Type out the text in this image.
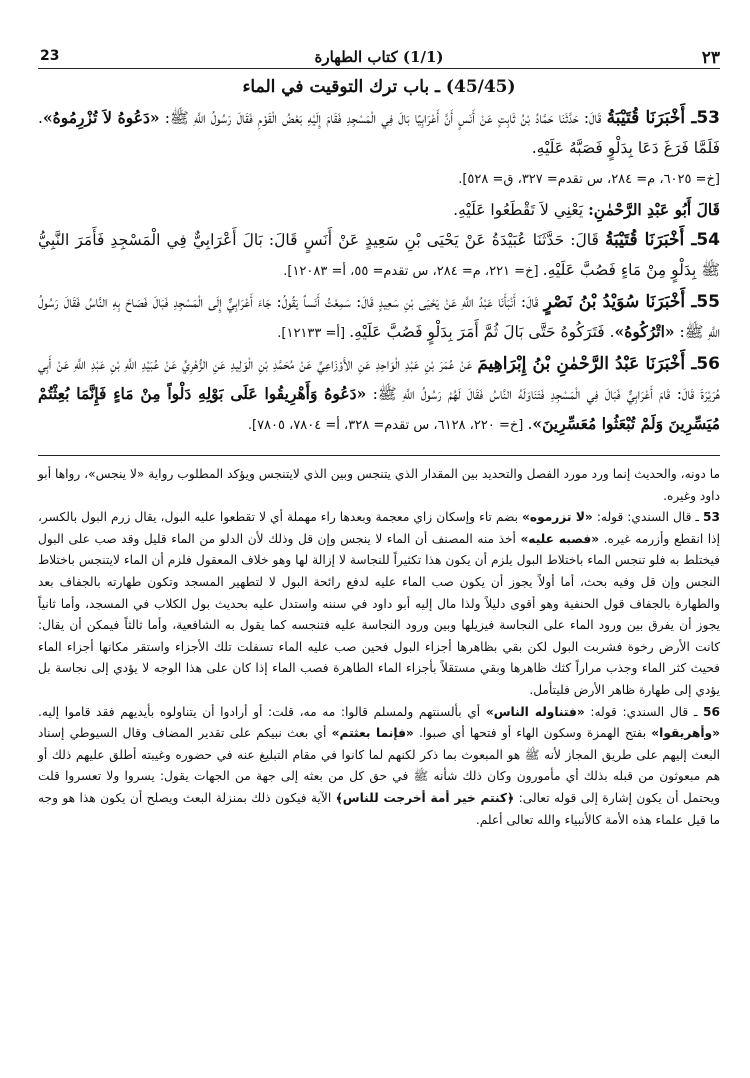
23	(1/1) كتاب الطهارة	٢٣
(45/45) ـ باب ترك التوقيت في الماء

53ـ أَخْبَرَنَا قُتَيْبَةُ قَالَ: حَدَّثَنَا حَمَّادُ بْنُ ثَابِتٍ عَنْ أَنَسٍ أَنَّ أَعْرَابِيًا بَالَ فِي الْمَسْجِدِ فَقَامَ إِلَيْهِ بَعْضُ الْقَوْمِ فَقَالَ رَسُولُ اللَّهِ ﷺ: «دَعُوهُ لاَ تُزْرِمُوهُ». فَلَمَّا فَرَغَ دَعَا بِدَلْوٍ فَصَبَّهُ عَلَيْهِ.
[خ= ٦٠٢٥، م= ٢٨٤، س تقدم= ٣٢٧، ق= ٥٢٨].

قَالَ أَبُو عَبْدِ الرَّحْمٰنِ: يَعْنِي لاَ تَقْطَعُوا عَلَيْهِ.

54ـ أَخْبَرَنَا قُتَيْبَةُ قَالَ: حَدَّثَنَا عُبَيْدَةُ عَنْ يَحْيَى بْنِ سَعِيدٍ عَنْ أَنَسٍ قَالَ: بَالَ أَعْرَابِيٌّ فِي الْمَسْجِدِ فَأَمَرَ النَّبِيُّ ﷺ بِدَلْوٍ مِنْ مَاءٍ فَصُبَّ عَلَيْهِ. [خ= ٢٢١، م= ٢٨٤، س تقدم= ٥٥، أ= ١٢٠٨٣].

55ـ أَخْبَرَنَا سُوَيْدُ بْنُ نَصْرٍ قَالَ: أَنْبَأَنَا عَبْدُ اللَّهِ عَنْ يَحْيَى بْنِ سَعِيدٍ قَالَ: سَمِعْتُ أَنَساً يَقُولُ: جَاءَ أَعْرَابِيٌّ إِلَى الْمَسْجِدِ فَبَالَ فَصَاحَ بِهِ النَّاسُ فَقَالَ رَسُولُ اللَّهِ ﷺ: «اتْرُكُوهُ». فَتَرَكُوهُ حَتَّى بَالَ ثُمَّ أَمَرَ بِدَلْوٍ فَصُبَّ عَلَيْهِ. [أ= ١٢١٣٣].

56ـ أَخْبَرَنَا عَبْدُ الرَّحْمٰنِ بْنُ إِبْرَاهِيمَ عَنْ عُمَرَ بْنِ عَبْدِ الْوَاحِدِ عَنِ الأَوْزَاعِيِّ عَنْ مُحَمَّدِ بْنِ الْوَلِيدِ عَنِ الزُّهْرِيِّ عَنْ عُبَيْدِ اللَّهِ بْنِ عَبْدِ اللَّهِ عَنْ أَبِي هُرَيْرَةَ قَالَ: قَامَ أَعْرَابِيٌّ فَبَالَ فِي الْمَسْجِدِ فَتَنَاوَلَهُ النَّاسُ فَقَالَ لَهُمْ رَسُولُ اللَّهِ ﷺ: «دَعُوهُ وَأَهْرِيقُوا عَلَى بَوْلِهِ دَلْواً مِنْ مَاءٍ فَإِنَّمَا بُعِثْتُمْ مُيَسِّرِينَ وَلَمْ تُبْعَثُوا مُعَسِّرِينَ». [خ= ٢٢٠، ٦١٢٨، س تقدم= ٣٢٨، أ= ٧٨٠٤، ٧٨٠٥].

ما دونه، والحديث إنما ورد مورد الفصل والتحديد بين المقدار الذي يتنجس وبين الذي لايتنجس ويؤكد المطلوب رواية «لا ينجس»، رواها أبو داود وغيره.

53 ـ قال السندي: قوله: «لا تزرموه» بضم تاء وإسكان زاي معجمة وبعدها راء مهملة أي لا تقطعوا عليه البول، يقال زرم البول بالكسر، إذا انقطع وأزرمه غيره. «فصبه عليه» أخذ منه المصنف أن الماء لا ينجس وإن قل وذلك لأن الدلو من الماء قليل وقد صب على البول فيختلط به فلو تنجس الماء باختلاط البول يلزم أن يكون هذا تكثيراً للنجاسة لا إزالة لها وهو خلاف المعقول فلزم أن الماء لايتنجس باختلاط النجس وإن قل وفيه بحث، أما أولاً يجوز أن يكون صب الماء عليه لدفع رائحة البول لا لتطهير المسجد وتكون طهارته بالجفاف بعد والطهارة بالجفاف قول الحنفية وهو أقوى دليلاً ولذا مال إليه أبو داود في سننه واستدل عليه بحديث بول الكلاب في المسجد، وأما ثانياً يجوز أن يفرق بين ورود الماء على النجاسة فيزيلها وبين ورود النجاسة عليه فتنجسه كما يقول به الشافعية، وأما ثالثاً فيمكن أن يقال: كانت الأرض رخوة فشربت البول لكن بقي بظاهرها أجزاء البول فحين صب عليه الماء تسفلت تلك الأجزاء واستقر مكانها أجزاء الماء فحيث كثر الماء وجذب مراراً كثك ظاهرها وبقي مستقلاً بأجزاء الماء الطاهرة فصب الماء إذا كان على هذا الوجه لا يؤدي إلى نجاسة بل يؤدي إلى طهارة ظاهر الأرض فليتأمل.

56 ـ قال السندي: قوله: «فتناوله الناس» أي بألسنتهم ولمسلم قالوا: مه مه، قلت: أو أرادوا أن يتناولوه بأيديهم فقد قاموا إليه. «وأهريقوا» بفتح الهمزة وسكون الهاء أو فتحها أي صبوا. «فإنما بعثتم» أي بعث نبيكم على تقدير المضاف وقال السيوطي إسناد البعث إليهم على طريق المجاز لأنه ﷺ هو المبعوث بما ذكر لكنهم لما كانوا في مقام التبليغ عنه في حضوره وغيبته أطلق عليهم ذلك أو هم مبعوثون من قبله بذلك أي مأمورون وكان ذلك شأنه ﷺ في حق كل من بعثه إلى جهة من الجهات يقول: يسروا ولا تعسروا قلت ويحتمل أن يكون إشارة إلى قوله تعالى: ﴿كنتم خير أمة أخرجت للناس﴾ الآية فيكون ذلك بمنزلة البعث ويصلح أن يكون هذا هو وجه ما قيل علماء هذه الأمة كالأنبياء والله تعالى أعلم.
